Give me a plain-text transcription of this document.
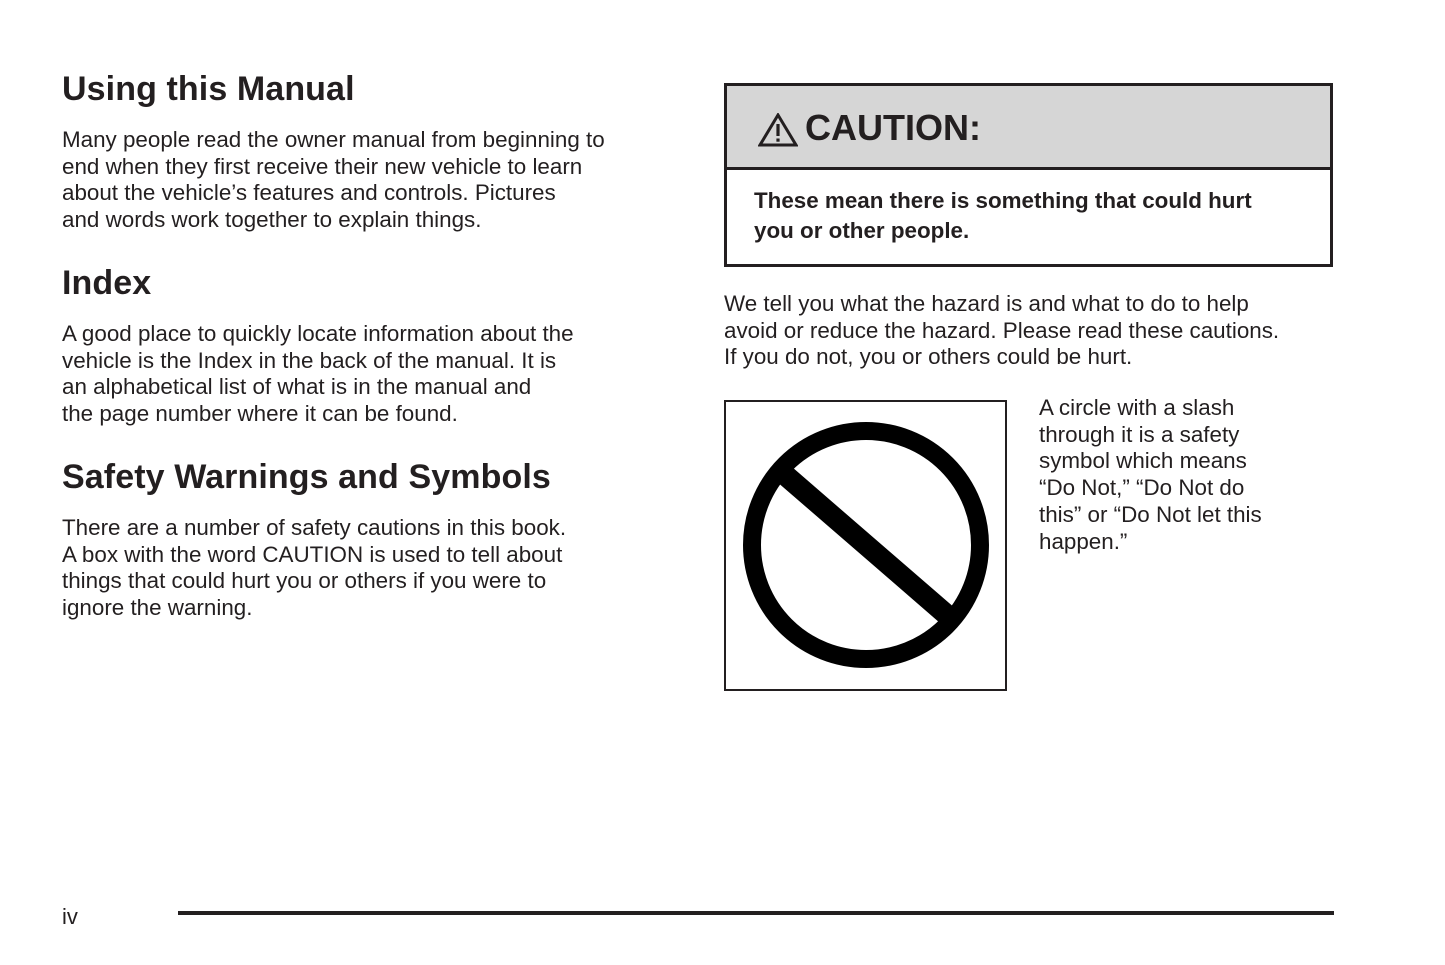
Using this Manual

Many people read the owner manual from beginning to
end when they first receive their new vehicle to learn
about the vehicle’s features and controls. Pictures
and words work together to explain things.

Index

A good place to quickly locate information about the
vehicle is the Index in the back of the manual. It is
an alphabetical list of what is in the manual and
the page number where it can be found.

Safety Warnings and Symbols

There are a number of safety cautions in this book.
A box with the word CAUTION is used to tell about
things that could hurt you or others if you were to
ignore the warning.

CAUTION:
These mean there is something that could hurt
you or other people.

We tell you what the hazard is and what to do to help
avoid or reduce the hazard. Please read these cautions.
If you do not, you or others could be hurt.

A circle with a slash
through it is a safety
symbol which means
“Do Not,” “Do Not do
this” or “Do Not let this
happen.”

iv
